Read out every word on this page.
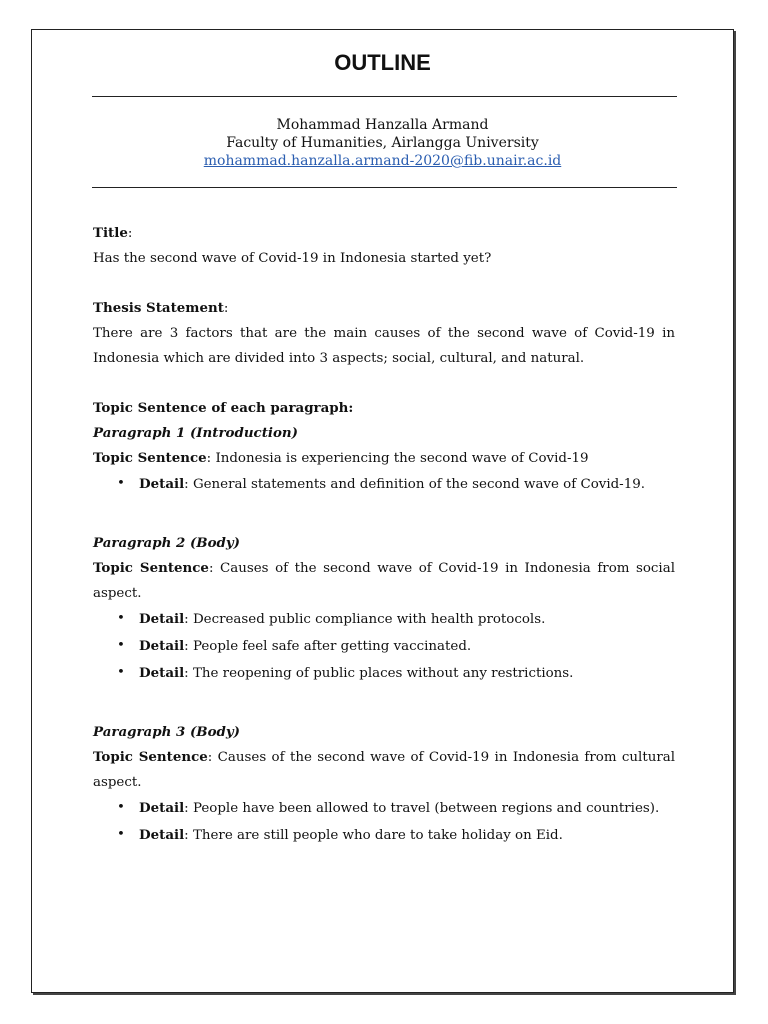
OUTLINE
Mohammad Hanzalla Armand
Faculty of Humanities, Airlangga University
mohammad.hanzalla.armand-2020@fib.unair.ac.id

Title:

Has the second wave of Covid-19 in Indonesia started yet?

Thesis Statement:

There are 3 factors that are the main causes of the second wave of Covid-19 in Indonesia which are divided into 3 aspects; social, cultural, and natural.

Topic Sentence of each paragraph:

Paragraph 1 (Introduction)

Topic Sentence: Indonesia is experiencing the second wave of Covid-19

• Detail: General statements and definition of the second wave of Covid-19.

Paragraph 2 (Body)

Topic Sentence: Causes of the second wave of Covid-19 in Indonesia from social aspect.

• Detail: Decreased public compliance with health protocols.
• Detail: People feel safe after getting vaccinated.
• Detail: The reopening of public places without any restrictions.

Paragraph 3 (Body)

Topic Sentence: Causes of the second wave of Covid-19 in Indonesia from cultural aspect.

• Detail: People have been allowed to travel (between regions and countries).
• Detail: There are still people who dare to take holiday on Eid.
